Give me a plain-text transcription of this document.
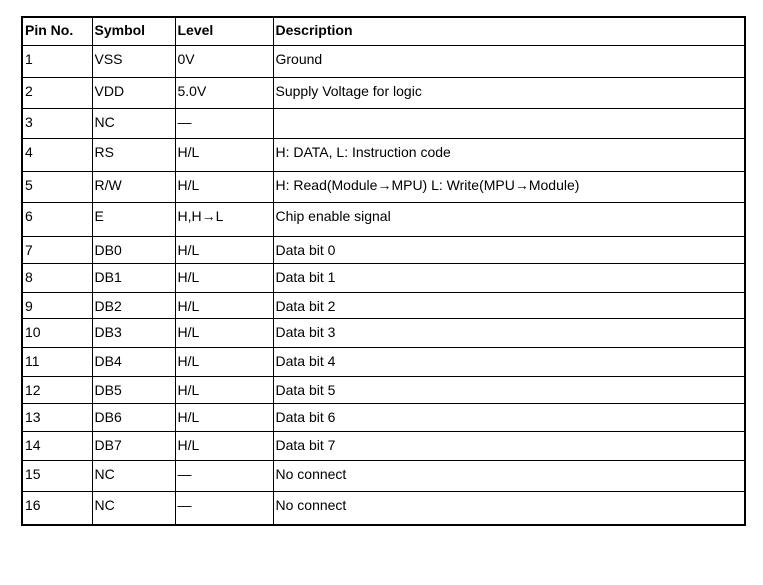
Pin No.	Symbol	Level	Description
1	VSS	0V	Ground
2	VDD	5.0V	Supply Voltage for logic
3	NC	—	
4	RS	H/L	H: DATA, L: Instruction code
5	R/W	H/L	H: Read(Module→MPU) L: Write(MPU→Module)
6	E	H,H→L	Chip enable signal
7	DB0	H/L	Data bit 0
8	DB1	H/L	Data bit 1
9	DB2	H/L	Data bit 2
10	DB3	H/L	Data bit 3
11	DB4	H/L	Data bit 4
12	DB5	H/L	Data bit 5
13	DB6	H/L	Data bit 6
14	DB7	H/L	Data bit 7
15	NC	—	No connect
16	NC	—	No connect
